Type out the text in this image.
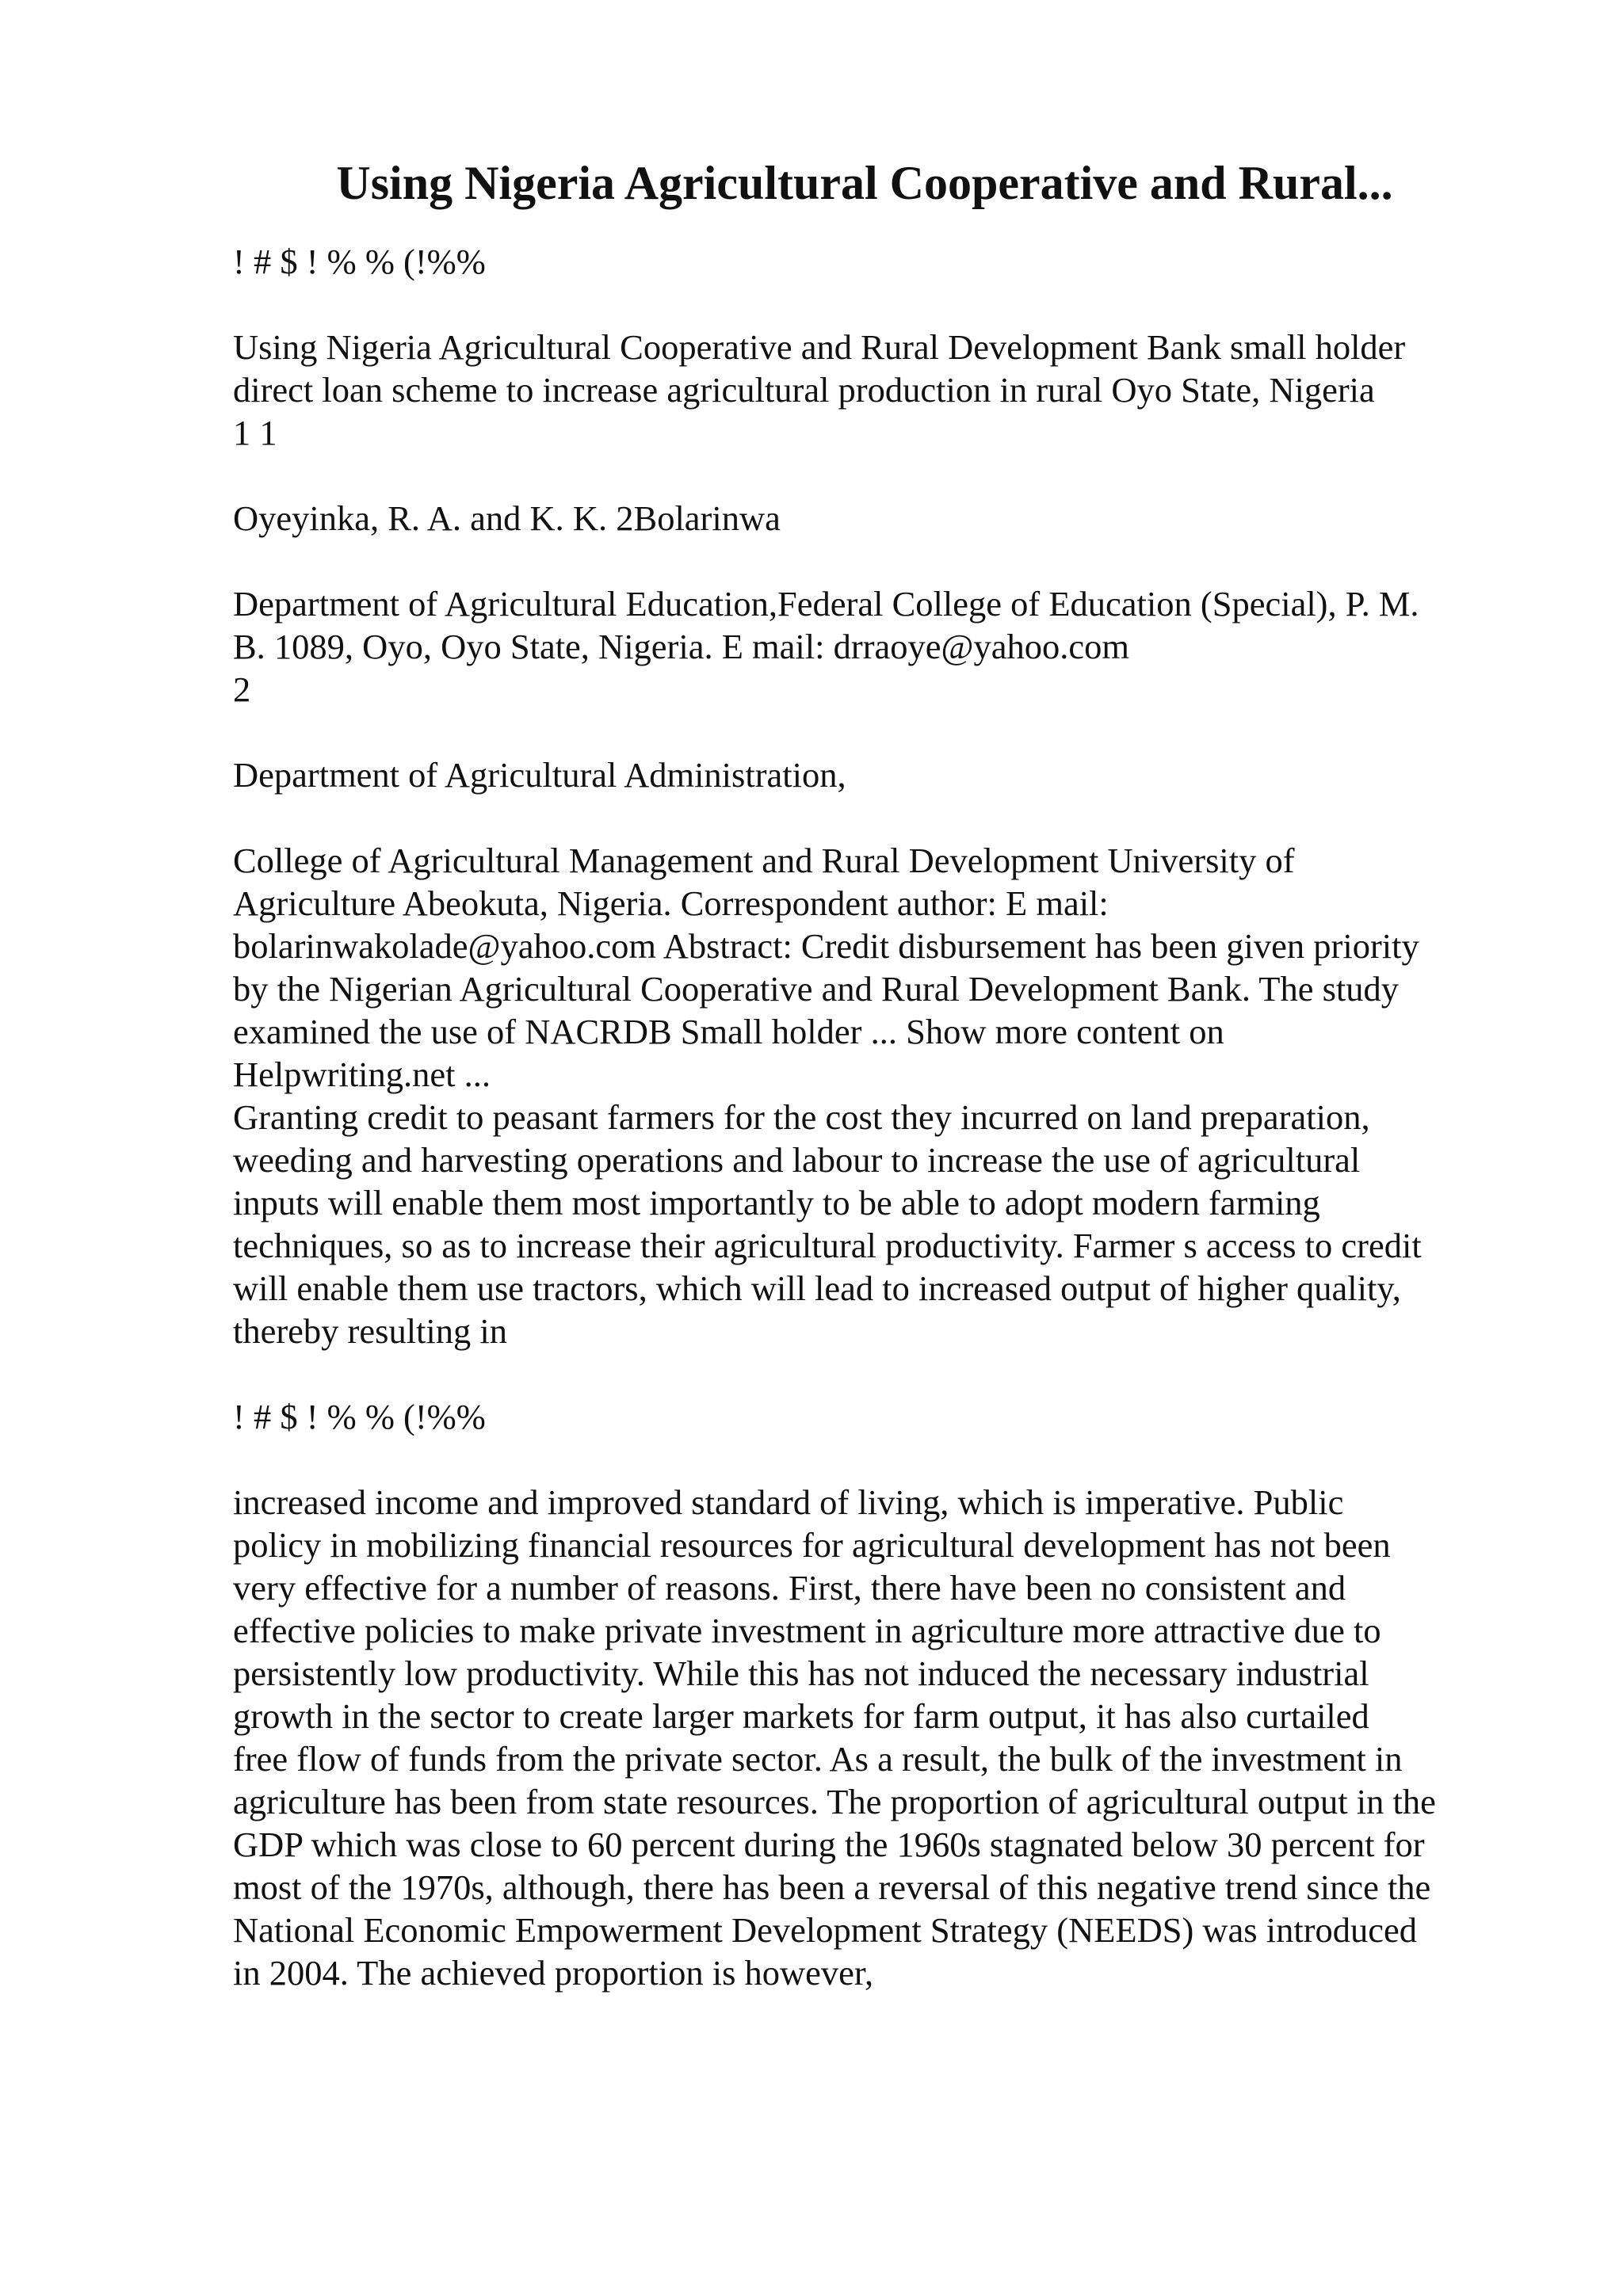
Using Nigeria Agricultural Cooperative and Rural...
! # $ ! % % (!%%
Using Nigeria Agricultural Cooperative and Rural Development Bank small holder
direct loan scheme to increase agricultural production in rural Oyo State, Nigeria
1 1
Oyeyinka, R. A. and K. K. 2Bolarinwa
Department of Agricultural Education,Federal College of Education (Special), P. M.
B. 1089, Oyo, Oyo State, Nigeria. E mail: drraoye@yahoo.com
2
Department of Agricultural Administration,
College of Agricultural Management and Rural Development University of
Agriculture Abeokuta, Nigeria. Correspondent author: E mail:
bolarinwakolade@yahoo.com Abstract: Credit disbursement has been given priority
by the Nigerian Agricultural Cooperative and Rural Development Bank. The study
examined the use of NACRDB Small holder ... Show more content on
Helpwriting.net ...
Granting credit to peasant farmers for the cost they incurred on land preparation,
weeding and harvesting operations and labour to increase the use of agricultural
inputs will enable them most importantly to be able to adopt modern farming
techniques, so as to increase their agricultural productivity. Farmer s access to credit
will enable them use tractors, which will lead to increased output of higher quality,
thereby resulting in
! # $ ! % % (!%%
increased income and improved standard of living, which is imperative. Public
policy in mobilizing financial resources for agricultural development has not been
very effective for a number of reasons. First, there have been no consistent and
effective policies to make private investment in agriculture more attractive due to
persistently low productivity. While this has not induced the necessary industrial
growth in the sector to create larger markets for farm output, it has also curtailed
free flow of funds from the private sector. As a result, the bulk of the investment in
agriculture has been from state resources. The proportion of agricultural output in the
GDP which was close to 60 percent during the 1960s stagnated below 30 percent for
most of the 1970s, although, there has been a reversal of this negative trend since the
National Economic Empowerment Development Strategy (NEEDS) was introduced
in 2004. The achieved proportion is however,
